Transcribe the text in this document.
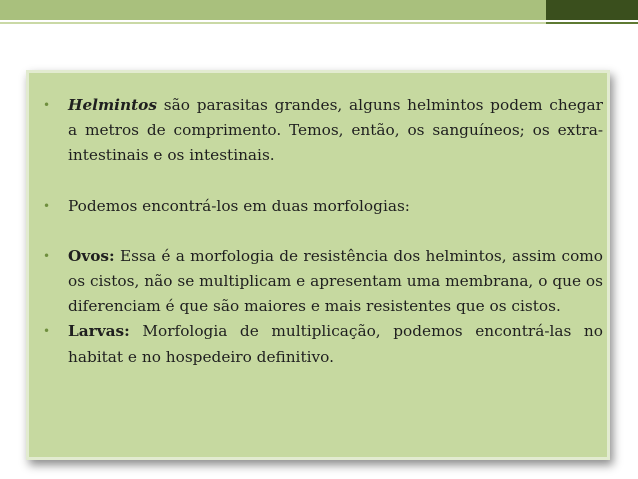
• Helmintos são parasitas grandes, alguns helmintos podem chegar a metros de comprimento. Temos, então, os sanguíneos; os extra-intestinais e os intestinais.
• Podemos encontrá-los em duas morfologias:
• Ovos: Essa é a morfologia de resistência dos helmintos, assim como os cistos, não se multiplicam e apresentam uma membrana, o que os diferenciam é que são maiores e mais resistentes que os cistos.
• Larvas: Morfologia de multiplicação, podemos encontrá-las no habitat e no hospedeiro definitivo.
